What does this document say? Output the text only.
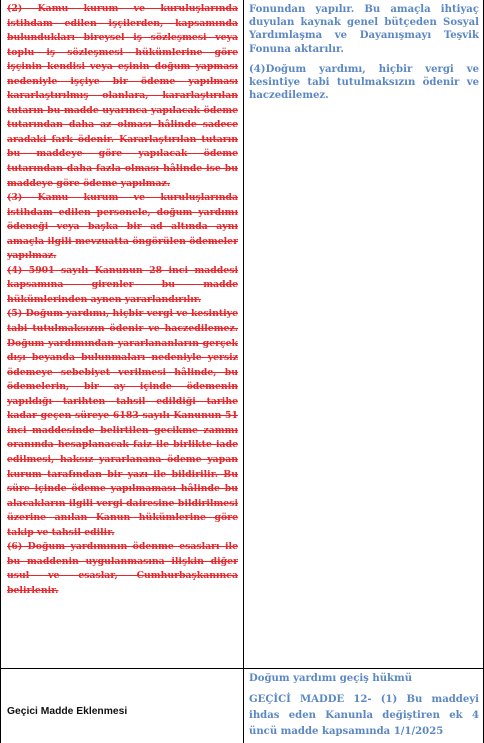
(2) Kamu kurum ve kuruluşlarında istihdam edilen işçilerden, kapsamında bulundukları bireysel iş sözleşmesi veya toplu iş sözleşmesi hükümlerine göre işçinin kendisi veya eşinin doğum yapması nedeniyle işçiye bir ödeme yapılması kararlaştırılmış olanlara, kararlaştırılan tutarın bu madde uyarınca yapılacak ödeme tutarından daha az olması hâlinde sadece aradaki fark ödenir. Kararlaştırılan tutarın bu maddeye göre yapılacak ödeme tutarından daha fazla olması hâlinde ise bu maddeye göre ödeme yapılmaz.

(3) Kamu kurum ve kuruluşlarında istihdam edilen personele, doğum yardımı ödeneği veya başka bir ad altında aynı amaçla ilgili mevzuatta öngörülen ödemeler yapılmaz.

(4) 5901 sayılı Kanunun 28 inci maddesi kapsamına girenler bu madde hükümlerinden aynen yararlandırılır.

(5) Doğum yardımı, hiçbir vergi ve kesintiye tabi tutulmaksızın ödenir ve haczedilemez. Doğum yardımından yararlananların gerçek dışı beyanda bulunmaları nedeniyle yersiz ödemeye sebebiyet verilmesi hâlinde, bu ödemelerin, bir ay içinde ödemenin yapıldığı tarihten tahsil edildiği tarihe kadar geçen süreye 6183 sayılı Kanunun 51 inci maddesinde belirtilen gecikme zammı oranında hesaplanacak faiz ile birlikte iade edilmesi, haksız yararlanana ödeme yapan kurum tarafından bir yazı ile bildirilir. Bu süre içinde ödeme yapılmaması hâlinde bu alacakların ilgili vergi dairesine bildirilmesi üzerine anılan Kanun hükümlerine göre takip ve tahsil edilir.

(6) Doğum yardımının ödenme esasları ile bu maddenin uygulanmasına ilişkin diğer usul ve esaslar, Cumhurbaşkanınca belirlenir.

Fonundan yapılır. Bu amaçla ihtiyaç duyulan kaynak genel bütçeden Sosyal Yardımlaşma ve Dayanışmayı Teşvik Fonuna aktarılır.

(4)Doğum yardımı, hiçbir vergi ve kesintiye tabi tutulmaksızın ödenir ve haczedilemez.

Geçici Madde Eklenmesi

Doğum yardımı geçiş hükmü

GEÇİCİ MADDE 12- (1) Bu maddeyi ihdas eden Kanunla değiştiren ek 4 üncü madde kapsamında 1/1/2025
